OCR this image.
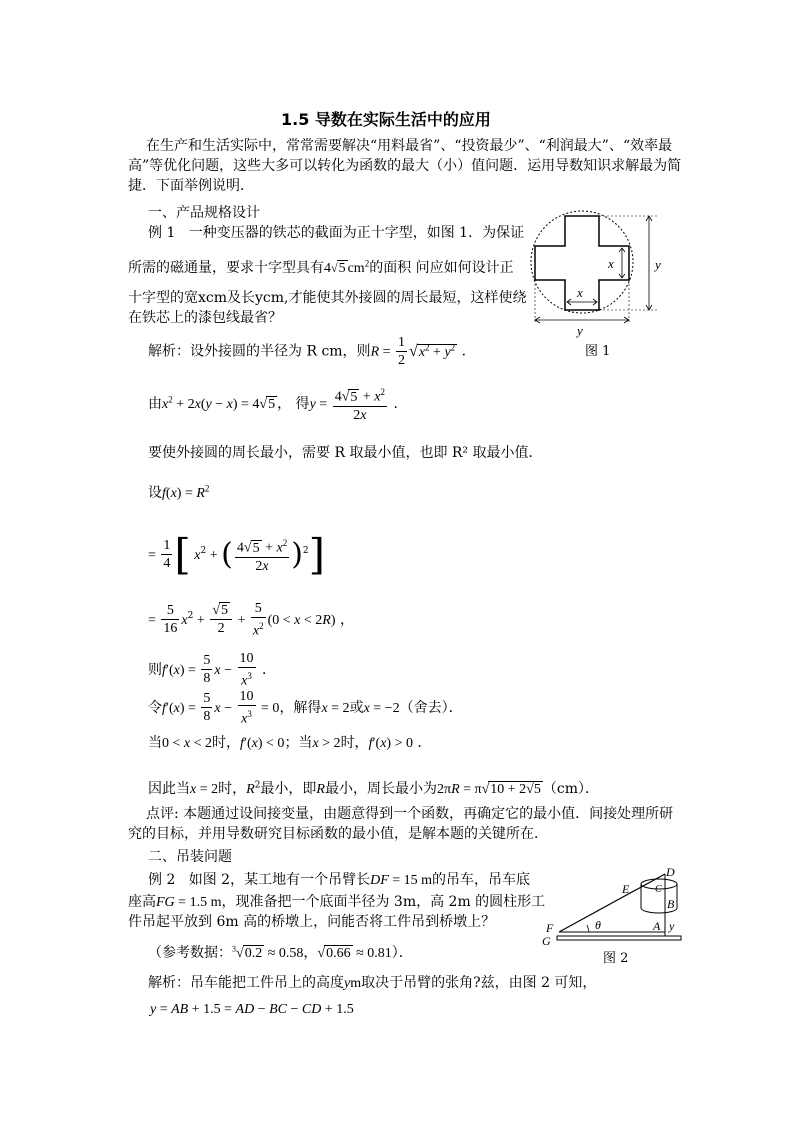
1.5 导数在实际生活中的应用
在生产和生活实际中，常常需要解决“用料最省”、“投资最少”、“利润最大”、“效率最高”等优化问题，这些大多可以转化为函数的最大（小）值问题．运用导数知识求解最为简捷．下面举例说明．
一、产品规格设计
例 1 一种变压器的铁芯的截面为正十字型，如图 1．为保证
所需的磁通量，要求十字型具有4√5 $cm^2$的面积 问应如何设计正
十字型的宽xcm及长ycm,才能使其外接圆的周长最短，这样使绕
在铁芯上的漆包线最省？
x
x
y
y
图 1
解析：设外接圆的半径为 R cm，则$R = \frac{1}{2} √x^2 + y^2$ ．
由$x^2 + 2x(y - x) = 4√5$ ， 得$y = \frac{4√5 + x^2}{2x}$ ．
要使外接圆的周长最小，需要 R 取最小值，也即 R² 取最小值．
设$f(x) = R^2$
= $\frac{1}{4}$ [ $x^2$ + ( $\frac{4√5 + x^2}{2x} )^2$]
= $\frac{5}{16} x^2 + \frac{√5}{2} + \frac{5}{x^2} (0 < x < 2R)$ ，
则$f'(x) = \frac{5}{8}$ $x - \frac{10}{x^3}$ ．
令$f'(x) = \frac{5}{8}$ $x - \frac{10}{x^3} = 0$，解得x = 2或x = −2（舍去）．
当0 < x < 2时，f′(x) < 0；当x > 2时，f′(x) > 0 ．
因此当x = 2时，$R^2$最小，即R最小，周长最小为2πR = π√10 + 2√5 （cm）．
点评: 本题通过设间接变量，由题意得到一个函数，再确定它的最小值．间接处理所研究的目标，并用导数研究目标函数的最小值，是解本题的关键所在．
二、吊装问题
例 2 如图 2，某工地有一个吊臂长DF = 15 m的吊车，吊车底
座高FG = 1.5 m，现准备把一个底面半径为 3m，高 2m 的圆柱形工
件吊起平放到 6m 高的桥墩上，问能否将工件吊到桥墩上？
（参考数据：$^3$√0.2 ≈ 0.58，√0.66 ≈ 0.81）．
E
D
C
B
F
G
A
θ	y
图 2
解析：吊车能把工件吊上的高度ym取决于吊臂的张角?兹，由图 2 可知，
y = AB + 1.5 = AD − BC − CD + 1.5
